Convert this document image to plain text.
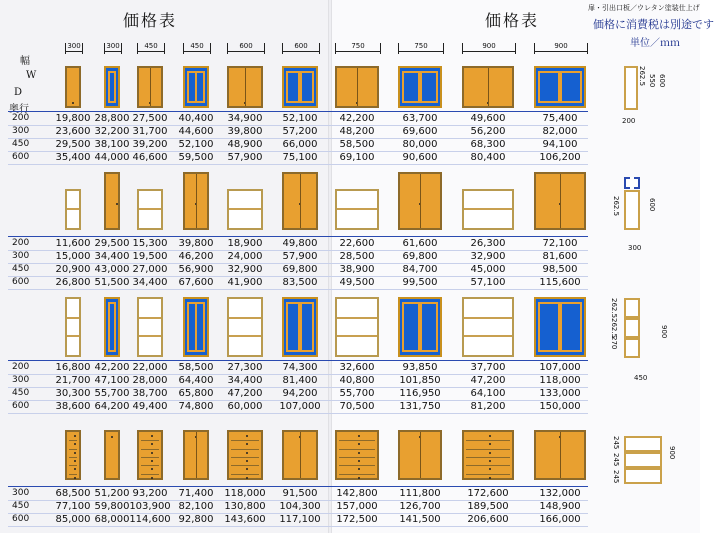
価格表	価格表
扉・引出口板／ウレタン塗装仕上げ
価格に消費税は別途です
単位／ｍｍ
幅
W
D
奥行
300	300	450	450	600	600	750	750	900	900
200	19,800 28,800 27,500 40,400 34,900 52,100 42,200	63,700	49,600	75,400
300	23,600 32,200 31,700 44,600 39,800 57,200 48,200	69,600	56,200	82,000
450	29,500 38,100 39,200 52,100 48,900 66,000 58,500	80,000	68,300	94,100
600	35,400 44,000 46,600 59,500 57,900 75,100 69,100	90,600	80,400	106,200
200	11,600 29,500 15,300 39,800 18,900 49,800 22,600	61,600	26,300	72,100
300	15,000 34,400 19,500 46,200 24,000 57,900 28,500	69,800	32,900	81,600
450	20,900 43,000 27,000 56,900 32,900 69,800 38,900	84,700	45,000	98,500
600	26,800 51,500 34,400 67,600 41,900 83,500 49,500	99,500	57,100	115,600
200	16,800 42,200 22,000 58,500 27,300 74,300 32,600	93,850	37,700	107,000
300	21,700 47,100 28,000 64,400 34,400 81,400 40,800 101,850	47,200	118,000
450	30,300 55,700 38,700 65,800 47,200 94,200 55,700 116,950	64,100	133,000
600	38,600 64,200 49,400 74,800 60,000 107,000 70,500 131,750	81,200	150,000
300	68,500 51,200 93,200 71,400 118,000 91,500 142,800 111,800	172,600	132,000
450	77,100 59,800 103,900 82,100 130,800 104,300 157,000 126,700	189,500	148,900
600	85,000 68,000 114,600 92,800 143,600 117,100 172,500 141,500	206,600	166,000
262.5 550 600
200
262.5	600
300
270
262.5
262.5
900
450
245
245
245
900
